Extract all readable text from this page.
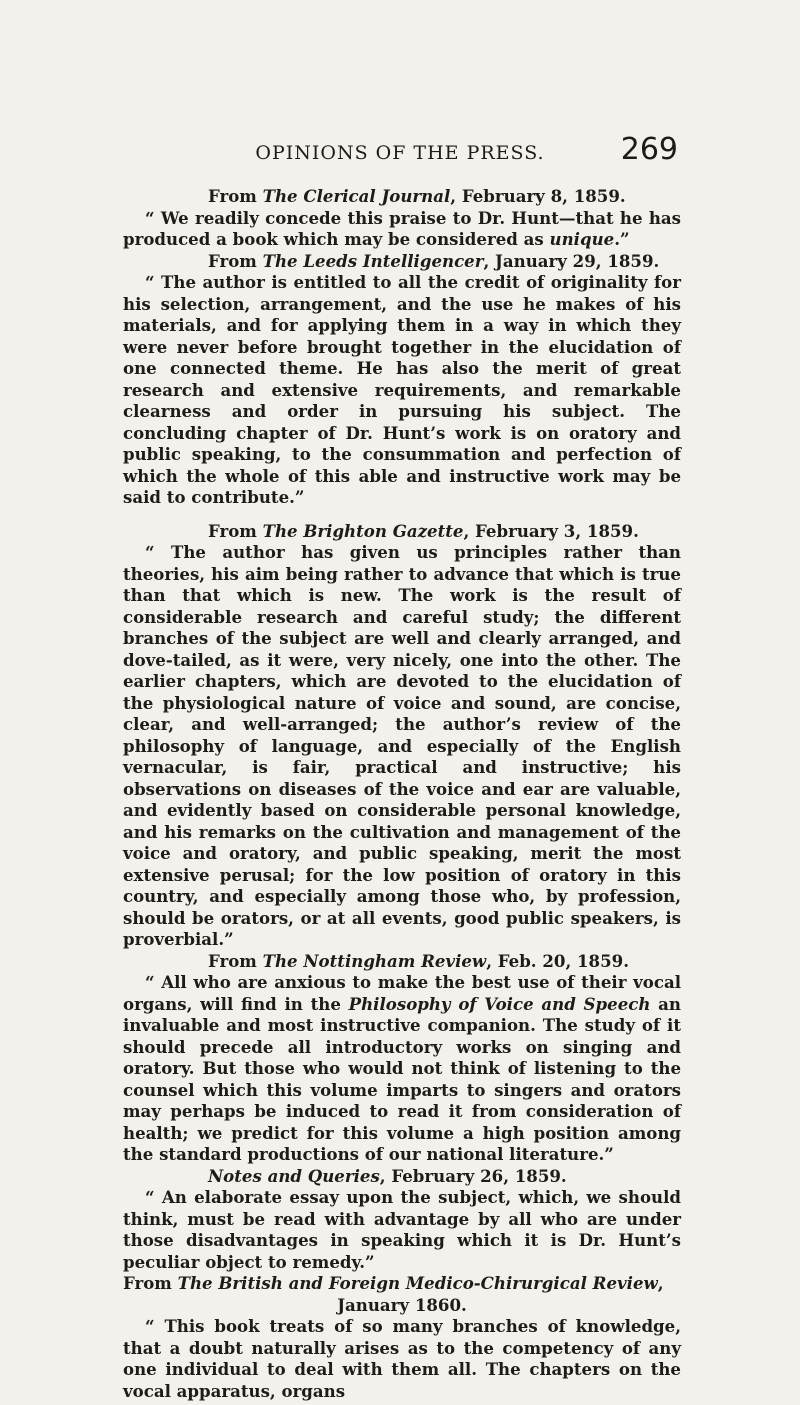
OPINIONS OF THE PRESS.	269

From The Clerical Journal, February 8, 1859.

“ We readily concede this praise to Dr. Hunt—that he has produced a book which may be considered as unique.”

From The Leeds Intelligencer, January 29, 1859.

“ The author is entitled to all the credit of originality for his selection, arrangement, and the use he makes of his materials, and for applying them in a way in which they were never before brought together in the elucidation of one connected theme. He has also the merit of great research and extensive requirements, and remarkable clearness and order in pursuing his subject. The concluding chapter of Dr. Hunt’s work is on oratory and public speaking, to the consummation and perfection of which the whole of this able and instructive work may be said to contribute.”

From The Brighton Gazette, February 3, 1859.

“ The author has given us principles rather than theories, his aim being rather to advance that which is true than that which is new. The work is the result of considerable research and careful study; the different branches of the subject are well and clearly arranged, and dove-tailed, as it were, very nicely, one into the other. The earlier chapters, which are devoted to the elucidation of the physiological nature of voice and sound, are concise, clear, and well-arranged; the author’s review of the philosophy of language, and especially of the English vernacular, is fair, practical and instructive; his observations on diseases of the voice and ear are valuable, and evidently based on considerable personal knowledge, and his remarks on the cultivation and management of the voice and oratory, and public speaking, merit the most extensive perusal; for the low position of oratory in this country, and especially among those who, by profession, should be orators, or at all events, good public speakers, is proverbial.”

From The Nottingham Review, Feb. 20, 1859.

“ All who are anxious to make the best use of their vocal organs, will find in the Philosophy of Voice and Speech an invaluable and most instructive companion. The study of it should precede all introductory works on singing and oratory. But those who would not think of listening to the counsel which this volume imparts to singers and orators may perhaps be induced to read it from consideration of health; we predict for this volume a high position among the standard productions of our national literature.”

Notes and Queries, February 26, 1859.

“ An elaborate essay upon the subject, which, we should think, must be read with advantage by all who are under those disadvantages in speaking which it is Dr. Hunt’s peculiar object to remedy.”

From The British and Foreign Medico-Chirurgical Review,
January 1860.

“ This book treats of so many branches of knowledge, that a doubt naturally arises as to the competency of any one individual to deal with them all. The chapters on the vocal apparatus, organs
